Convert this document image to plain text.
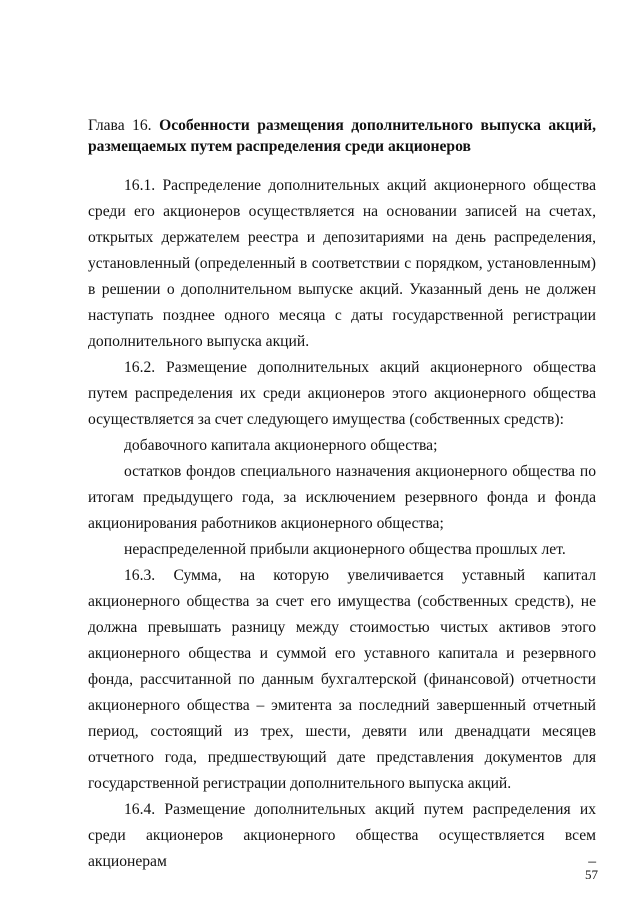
Глава 16. Особенности размещения дополнительного выпуска акций, размещаемых путем распределения среди акционеров

16.1. Распределение дополнительных акций акционерного общества среди его акционеров осуществляется на основании записей на счетах, открытых держателем реестра и депозитариями на день распределения, установленный (определенный в соответствии с порядком, установленным) в решении о дополнительном выпуске акций. Указанный день не должен наступать позднее одного месяца с даты государственной регистрации дополнительного выпуска акций.

16.2. Размещение дополнительных акций акционерного общества путем распределения их среди акционеров этого акционерного общества осуществляется за счет следующего имущества (собственных средств):

добавочного капитала акционерного общества;

остатков фондов специального назначения акционерного общества по итогам предыдущего года, за исключением резервного фонда и фонда акционирования работников акционерного общества;

нераспределенной прибыли акционерного общества прошлых лет.

16.3. Сумма, на которую увеличивается уставный капитал акционерного общества за счет его имущества (собственных средств), не должна превышать разницу между стоимостью чистых активов этого акционерного общества и суммой его уставного капитала и резервного фонда, рассчитанной по данным бухгалтерской (финансовой) отчетности акционерного общества – эмитента за последний завершенный отчетный период, состоящий из трех, шести, девяти или двенадцати месяцев отчетного года, предшествующий дате представления документов для государственной регистрации дополнительного выпуска акций.

16.4. Размещение дополнительных акций путем распределения их среди акционеров акционерного общества осуществляется всем акционерам –

57
